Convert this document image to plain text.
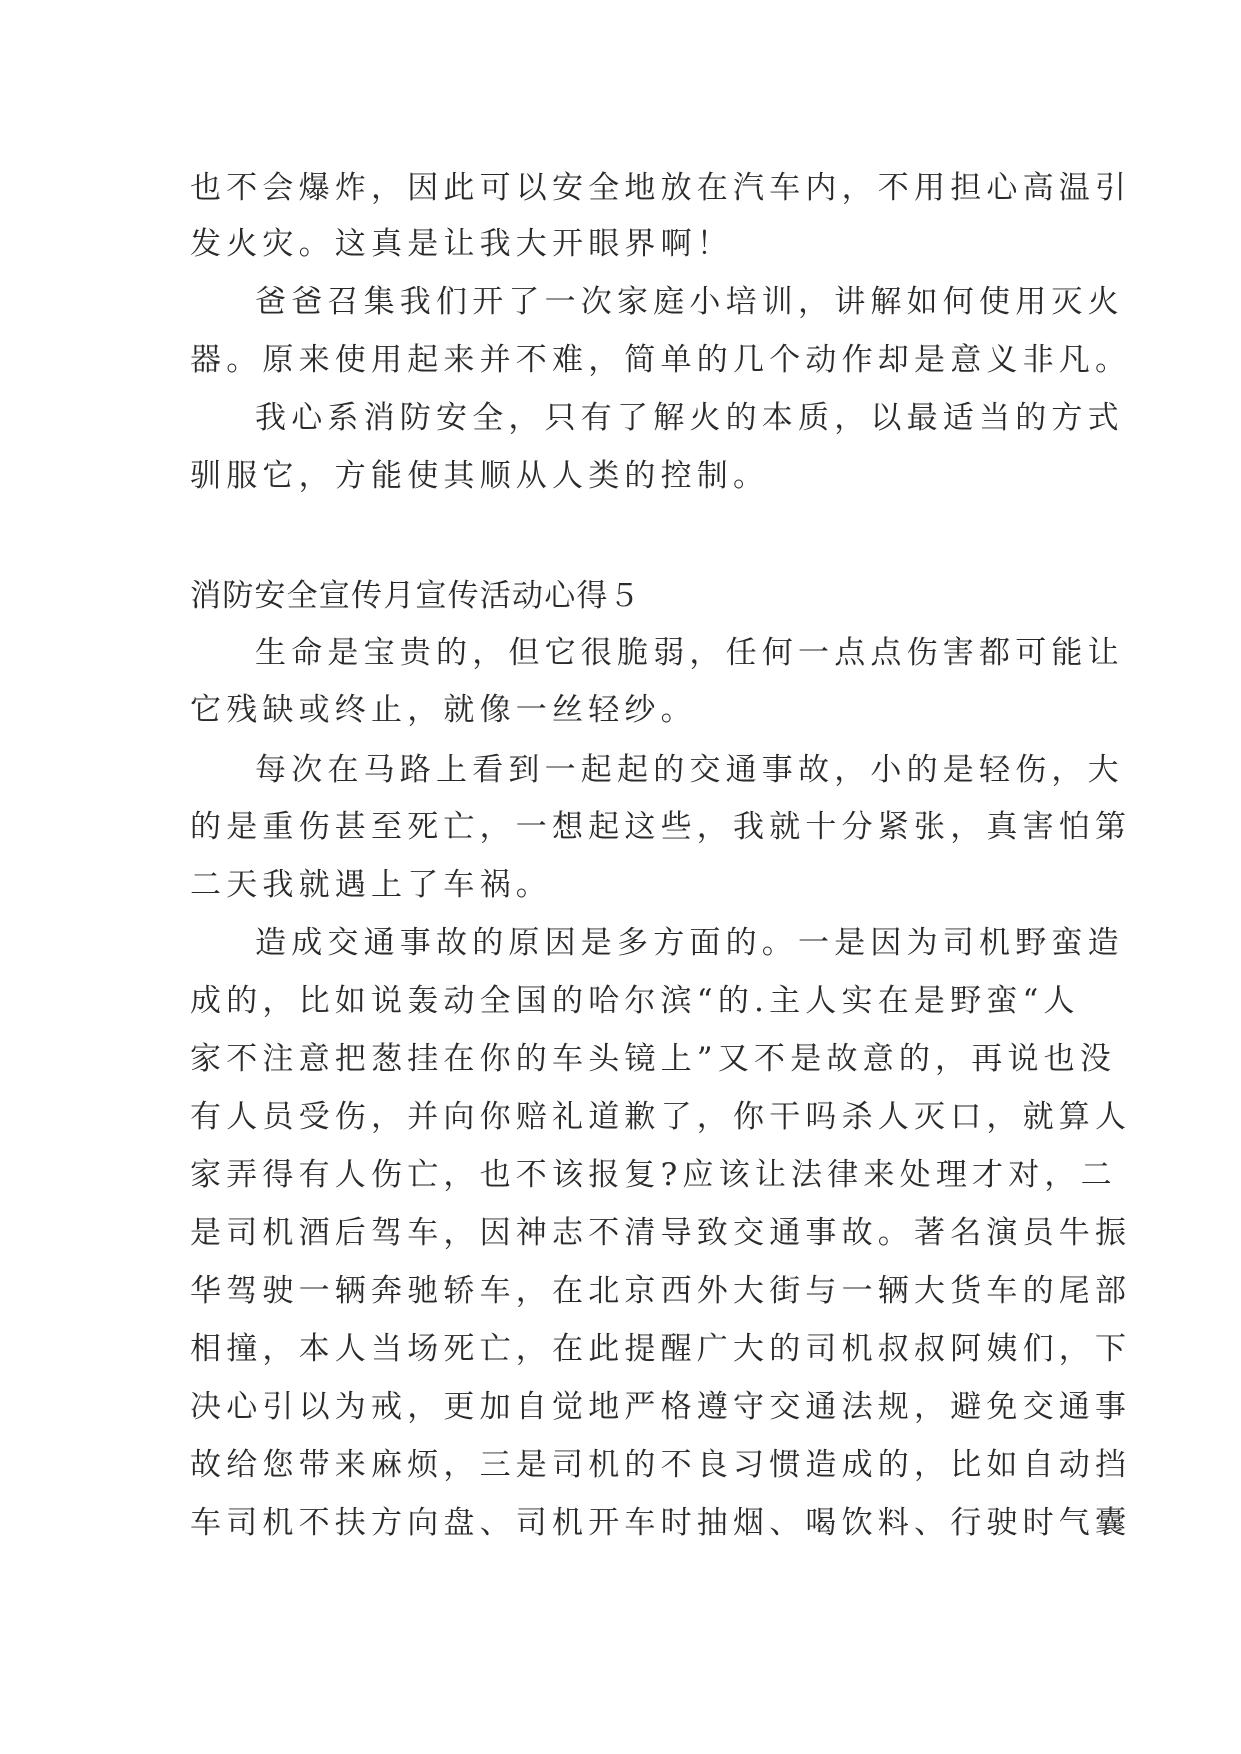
也不会爆炸，因此可以安全地放在汽车内，不用担心高温引
发火灾。这真是让我大开眼界啊！
爸爸召集我们开了一次家庭小培训，讲解如何使用灭火
器。原来使用起来并不难，简单的几个动作却是意义非凡。
我心系消防安全，只有了解火的本质，以最适当的方式
驯服它，方能使其顺从人类的控制。
消防安全宣传月宣传活动心得５
生命是宝贵的，但它很脆弱，任何一点点伤害都可能让
它残缺或终止，就像一丝轻纱。
每次在马路上看到一起起的交通事故，小的是轻伤，大
的是重伤甚至死亡，一想起这些，我就十分紧张，真害怕第
二天我就遇上了车祸。
造成交通事故的原因是多方面的。一是因为司机野蛮造
成的，比如说轰动全国的哈尔滨“的.主人实在是野蛮“人
家不注意把葱挂在你的车头镜上”又不是故意的，再说也没
有人员受伤，并向你赔礼道歉了，你干吗杀人灭口，就算人
家弄得有人伤亡，也不该报复?应该让法律来处理才对，二
是司机酒后驾车，因神志不清导致交通事故。著名演员牛振
华驾驶一辆奔驰轿车，在北京西外大街与一辆大货车的尾部
相撞，本人当场死亡，在此提醒广大的司机叔叔阿姨们，下
决心引以为戒，更加自觉地严格遵守交通法规，避免交通事
故给您带来麻烦，三是司机的不良习惯造成的，比如自动挡
车司机不扶方向盘、司机开车时抽烟、喝饮料、行驶时气囊
